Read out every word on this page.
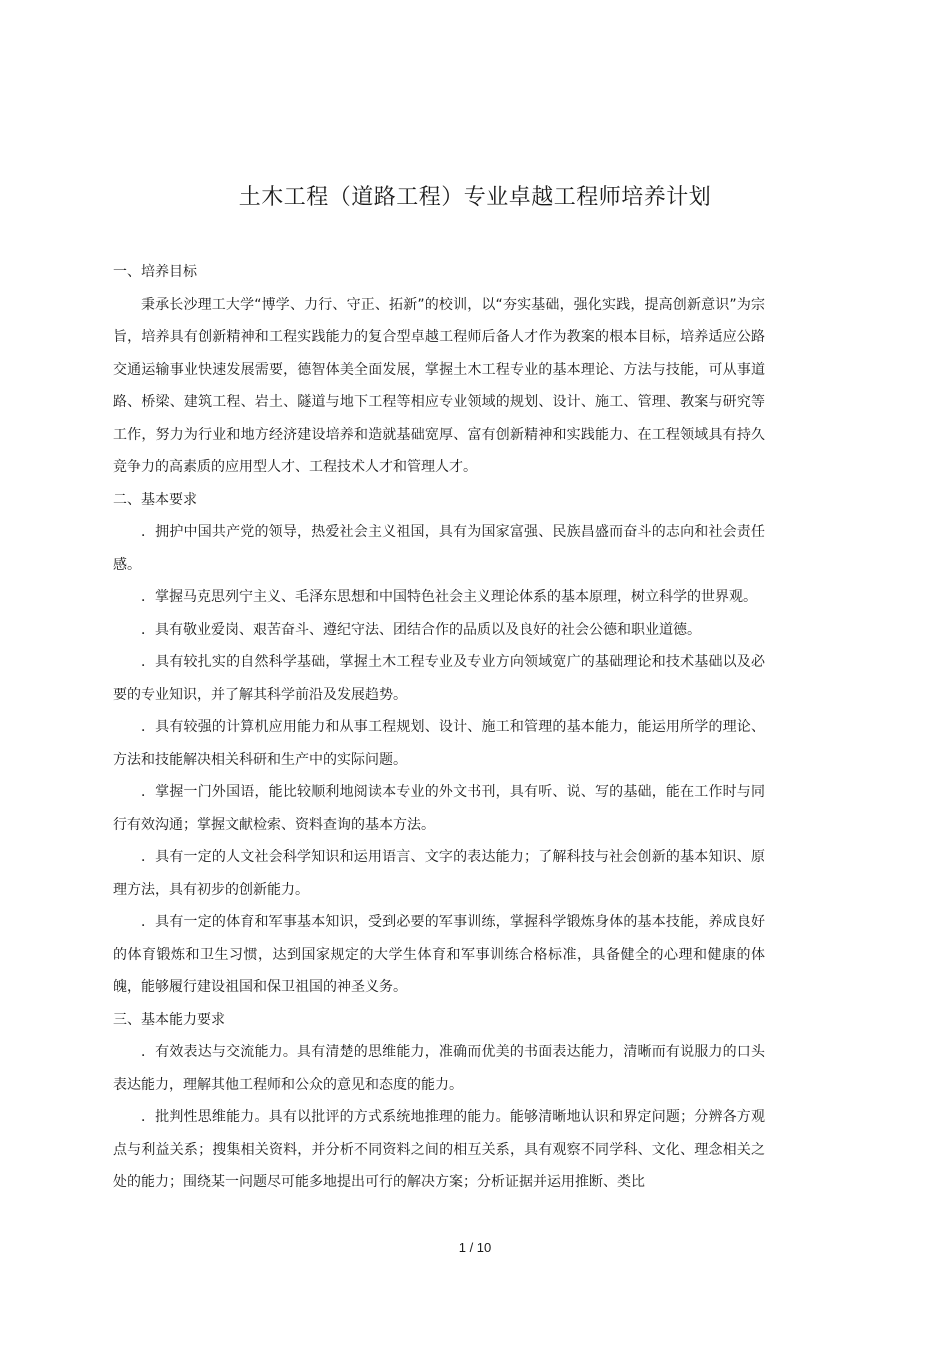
土木工程（道路工程）专业卓越工程师培养计划

一、培养目标

秉承长沙理工大学“博学、力行、守正、拓新”的校训，以“夯实基础，强化实践，提高创新意识”为宗旨，培养具有创新精神和工程实践能力的复合型卓越工程师后备人才作为教案的根本目标，培养适应公路交通运输事业快速发展需要，德智体美全面发展，掌握土木工程专业的基本理论、方法与技能，可从事道路、桥梁、建筑工程、岩土、隧道与地下工程等相应专业领域的规划、设计、施工、管理、教案与研究等工作，努力为行业和地方经济建设培养和造就基础宽厚、富有创新精神和实践能力、在工程领域具有持久竞争力的高素质的应用型人才、工程技术人才和管理人才。

二、基本要求

．拥护中国共产党的领导，热爱社会主义祖国，具有为国家富强、民族昌盛而奋斗的志向和社会责任感。

．掌握马克思列宁主义、毛泽东思想和中国特色社会主义理论体系的基本原理，树立科学的世界观。

．具有敬业爱岗、艰苦奋斗、遵纪守法、团结合作的品质以及良好的社会公德和职业道德。

．具有较扎实的自然科学基础，掌握土木工程专业及专业方向领域宽广的基础理论和技术基础以及必要的专业知识，并了解其科学前沿及发展趋势。

．具有较强的计算机应用能力和从事工程规划、设计、施工和管理的基本能力，能运用所学的理论、方法和技能解决相关科研和生产中的实际问题。

．掌握一门外国语，能比较顺利地阅读本专业的外文书刊，具有听、说、写的基础，能在工作时与同行有效沟通；掌握文献检索、资料查询的基本方法。

．具有一定的人文社会科学知识和运用语言、文字的表达能力；了解科技与社会创新的基本知识、原理方法，具有初步的创新能力。

．具有一定的体育和军事基本知识，受到必要的军事训练，掌握科学锻炼身体的基本技能，养成良好的体育锻炼和卫生习惯，达到国家规定的大学生体育和军事训练合格标准，具备健全的心理和健康的体魄，能够履行建设祖国和保卫祖国的神圣义务。

三、基本能力要求

．有效表达与交流能力。具有清楚的思维能力，准确而优美的书面表达能力，清晰而有说服力的口头表达能力，理解其他工程师和公众的意见和态度的能力。

．批判性思维能力。具有以批评的方式系统地推理的能力。能够清晰地认识和界定问题；分辨各方观点与利益关系；搜集相关资料，并分析不同资料之间的相互关系，具有观察不同学科、文化、理念相关之处的能力；围绕某一问题尽可能多地提出可行的解决方案；分析证据并运用推断、类比

1 / 10
